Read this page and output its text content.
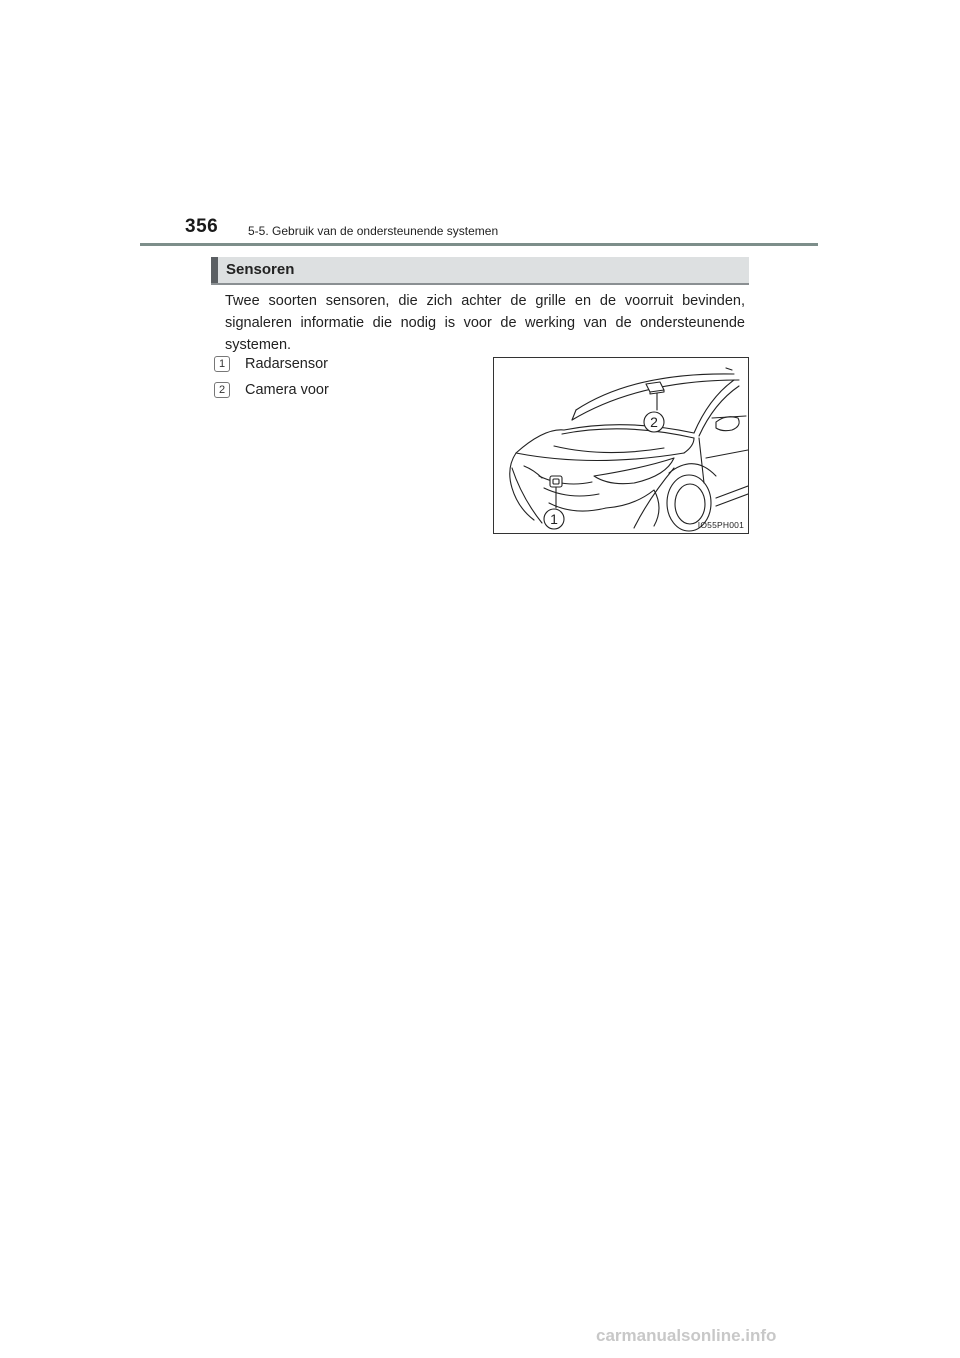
356 5-5. Gebruik van de ondersteunende systemen
Sensoren
Twee soorten sensoren, die zich achter de grille en de voorruit bevinden, signaleren informatie die nodig is voor de werking van de ondersteunende systemen.
1	Radarsensor
2	Camera voor
2
1	IO55PH001
carmanualsonline.info
